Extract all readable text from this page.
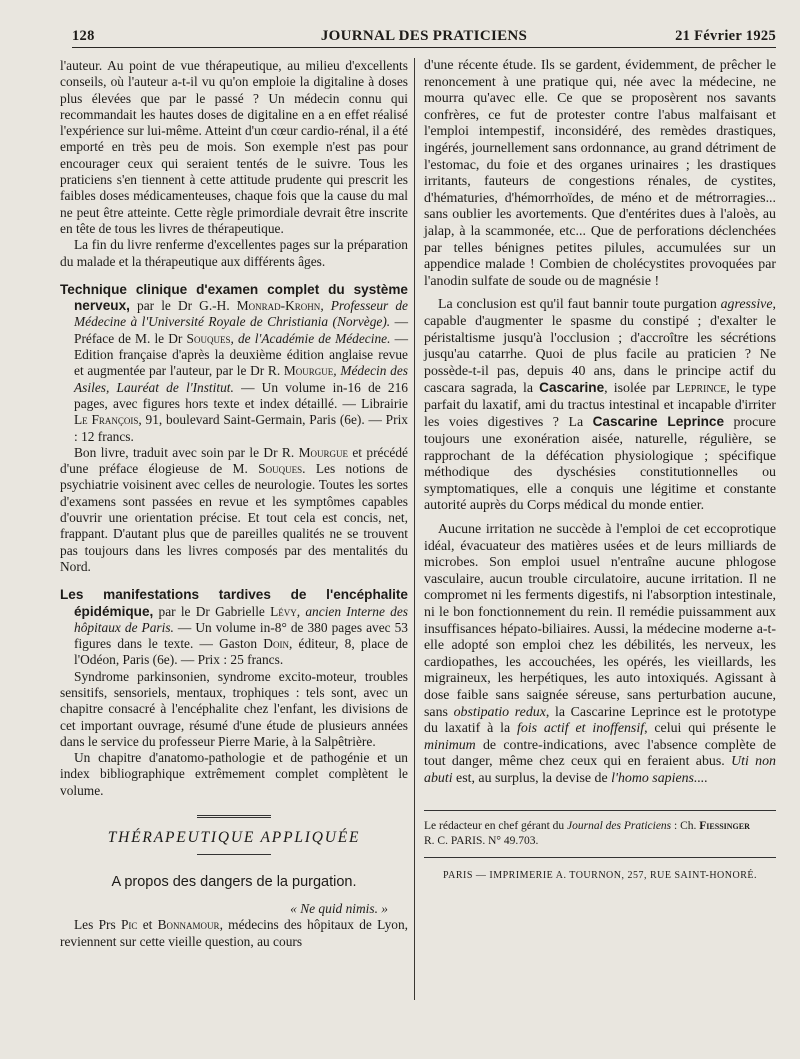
128	JOURNAL DES PRATICIENS	21 Février 1925

l'auteur. Au point de vue thérapeutique, au milieu d'excellents conseils, où l'auteur a-t-il vu qu'on emploie la digitaline à doses plus élevées que par le passé ? Un médecin connu qui recommandait les hautes doses de digitaline en a en effet réalisé l'expérience sur lui-même. Atteint d'un cœur cardio-rénal, il a été emporté en très peu de mois. Son exemple n'est pas pour encourager ceux qui seraient tentés de le suivre. Tous les praticiens s'en tiennent à cette attitude prudente qui prescrit les faibles doses médicamenteuses, chaque fois que la cause du mal ne peut être atteinte. Cette règle primordiale devrait être inscrite en tête de tous les livres de thérapeutique.

La fin du livre renferme d'excellentes pages sur la préparation du malade et la thérapeutique aux différents âges.

Technique clinique d'examen complet du système nerveux, par le Dr G.-H. Monrad-Krohn, Professeur de Médecine à l'Université Royale de Christiania (Norvège). — Préface de M. le Dr Souques, de l'Académie de Médecine. — Edition française d'après la deuxième édition anglaise revue et augmentée par l'auteur, par le Dr R. Mourgue, Médecin des Asiles, Lauréat de l'Institut. — Un volume in-16 de 216 pages, avec figures hors texte et index détaillé. — Librairie Le François, 91, boulevard Saint-Germain, Paris (6e). — Prix : 12 francs.

Bon livre, traduit avec soin par le Dr R. Mourgue et précédé d'une préface élogieuse de M. Souques. Les notions de psychiatrie voisinent avec celles de neurologie. Toutes les sortes d'examens sont passées en revue et les symptômes capables d'ouvrir une orientation précise. Et tout cela est concis, net, frappant. D'autant plus que de pareilles qualités ne se trouvent pas toujours dans les livres composés par des mentalités du Nord.

Les manifestations tardives de l'encéphalite épidémique, par le Dr Gabrielle Lévy, ancien Interne des hôpitaux de Paris. — Un volume in-8° de 380 pages avec 53 figures dans le texte. — Gaston Doin, éditeur, 8, place de l'Odéon, Paris (6e). — Prix : 25 francs.

Syndrome parkinsonien, syndrome excito-moteur, troubles sensitifs, sensoriels, mentaux, trophiques : tels sont, avec un chapitre consacré à l'encéphalite chez l'enfant, les divisions de cet important ouvrage, résumé d'une étude de plusieurs années dans le service du professeur Pierre Marie, à la Salpêtrière.

Un chapitre d'anatomo-pathologie et de pathogénie et un index bibliographique extrêmement complet complètent le volume.

THÉRAPEUTIQUE APPLIQUÉE

A propos des dangers de la purgation.

« Ne quid nimis. »

Les Prs Pic et Bonnamour, médecins des hôpitaux de Lyon, reviennent sur cette vieille question, au cours

d'une récente étude. Ils se gardent, évidemment, de prêcher le renoncement à une pratique qui, née avec la médecine, ne mourra qu'avec elle. Ce que se proposèrent nos savants confrères, ce fut de protester contre l'abus malfaisant et l'emploi intempestif, inconsidéré, des remèdes drastiques, ingérés, journellement sans ordonnance, au grand détriment de l'estomac, du foie et des organes urinaires ; les drastiques irritants, fauteurs de congestions rénales, de cystites, d'hématuries, d'hémorrhoïdes, de méno et de métrorragies... sans oublier les avortements. Que d'entérites dues à l'aloès, au jalap, à la scammonée, etc... Que de perforations déclenchées par telles bénignes petites pilules, accumulées sur un appendice malade ! Combien de cholécystites provoquées par l'anodin sulfate de soude ou de magnésie !

La conclusion est qu'il faut bannir toute purgation agressive, capable d'augmenter le spasme du constipé ; d'exalter le péristaltisme jusqu'à l'occlusion ; d'accroître les sécrétions jusqu'au catarrhe. Quoi de plus facile au praticien ? Ne possède-t-il pas, depuis 40 ans, dans le principe actif du cascara sagrada, la Cascarine, isolée par Leprince, le type parfait du laxatif, ami du tractus intestinal et incapable d'irriter les voies digestives ? La Cascarine Leprince procure toujours une exonération aisée, naturelle, régulière, se rapprochant de la défécation physiologique ; spécifique méthodique des dyschésies constitutionnelles ou symptomatiques, elle a conquis une légitime et constante autorité auprès du Corps médical du monde entier.

Aucune irritation ne succède à l'emploi de cet eccoprotique idéal, évacuateur des matières usées et de leurs milliards de microbes. Son emploi usuel n'entraîne aucune phlogose vasculaire, aucun trouble circulatoire, aucune irritation. Il ne compromet ni les ferments digestifs, ni l'absorption intestinale, ni le bon fonctionnement du rein. Il remédie puissamment aux insuffisances hépato-biliaires. Aussi, la médecine moderne a-t-elle adopté son emploi chez les débilités, les nerveux, les cardiopathes, les accouchées, les opérés, les vieillards, les migraineux, les herpétiques, les auto intoxiqués. Agissant à dose faible sans saignée séreuse, sans perturbation aucune, sans obstipatio redux, la Cascarine Leprince est le prototype du laxatif à la fois actif et inoffensif, celui qui présente le minimum de contre-indications, avec l'absence complète de tout danger, même chez ceux qui en feraient abus. Uti non abuti est, au surplus, la devise de l'homo sapiens....

Le rédacteur en chef gérant du Journal des Praticiens : Ch. Fiessinger

R. C. PARIS. N° 49.703.

PARIS — IMPRIMERIE A. TOURNON, 257, RUE SAINT-HONORÉ.
